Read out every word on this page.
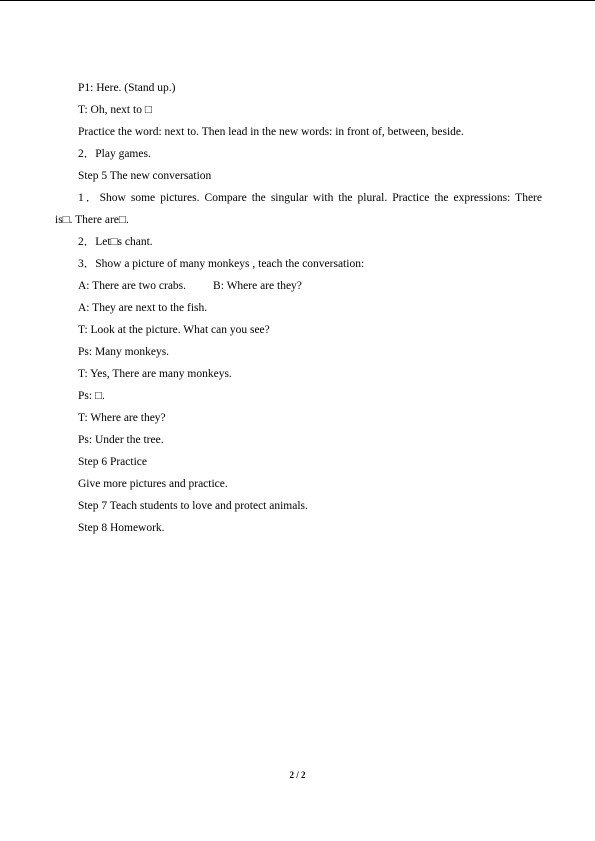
P1: Here. (Stand up.)
T: Oh, next to □
Practice the word: next to. Then lead in the new words: in front of, between, beside.
2．Play games.
Step 5 The new conversation
1．Show some pictures. Compare the singular with the plural. Practice the expressions: There
is□. There are□.
2．Let□s chant.
3．Show a picture of many monkeys , teach the conversation:
A: There are two crabs. B: Where are they?
A: They are next to the fish.
T: Look at the picture. What can you see?
Ps: Many monkeys.
T: Yes, There are many monkeys.
Ps: □.
T: Where are they?
Ps: Under the tree.
Step 6 Practice
Give more pictures and practice.
Step 7 Teach students to love and protect animals.
Step 8 Homework.
2 / 2
